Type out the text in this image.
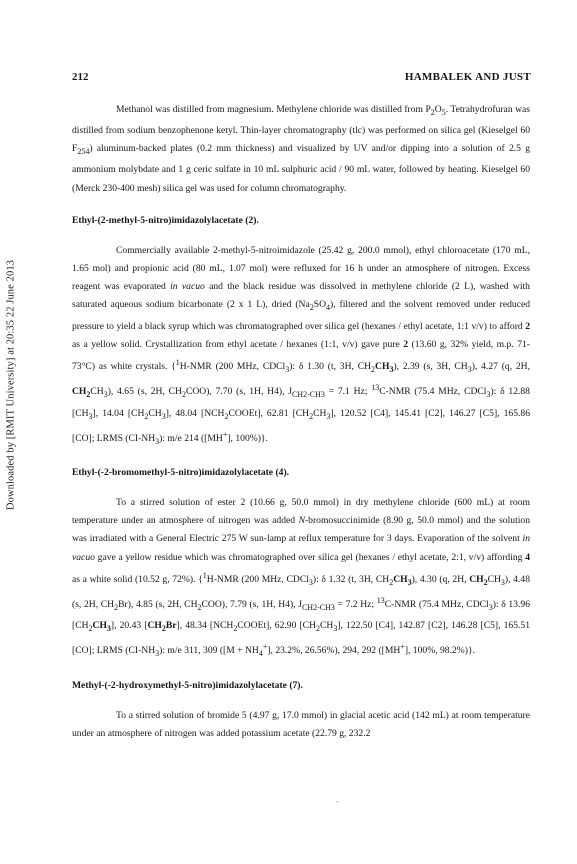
Downloaded by [RMIT University] at 20:35 22 June 2013
212	HAMBALEK AND JUST

Methanol was distilled from magnesium. Methylene chloride was distilled from $P_2O_5$. Tetrahydrofuran was distilled from sodium benzophenone ketyl. Thin-layer chromatography (tlc) was performed on silica gel (Kieselgel 60 $F_{254}$) aluminum-backed plates (0.2 mm thickness) and visualized by UV and/or dipping into a solution of 2.5 g ammonium molybdate and 1 g ceric sulfate in 10 mL sulphuric acid / 90 mL water, followed by heating. Kieselgel 60 (Merck 230-400 mesh) silica gel was used for column chromatography.

Ethyl-(2-methyl-5-nitro)imidazolylacetate (2).

Commercially available 2-methyl-5-nitroimidazole (25.42 g, 200.0 mmol), ethyl chloroacetate (170 mL, 1.65 mol) and propionic acid (80 mL, 1.07 mol) were refluxed for 16 h under an atmosphere of nitrogen. Excess reagent was evaporated in vacuo and the black residue was dissolved in methylene chloride (2 L), washed with saturated aqueous sodium bicarbonate (2 x 1 L), dried $(Na_2SO_4)$, filtered and the solvent removed under reduced pressure to yield a black syrup which was chromatographed over silica gel (hexanes / ethyl acetate, 1:1 v/v) to afford 2 as a yellow solid. Crystallization from ethyl acetate / hexanes (1:1, v/v) gave pure 2 (13.60 g, 32% yield, m.p. 71-73°C) as white crystals. {$^1$H-NMR (200 MHz, CDCl$_3$): δ 1.30 (t, 3H, $CH_2CH_3$), 2.39 (s, 3H, $CH_3$), 4.27 (q, 2H, $CH_2CH_3$), 4.65 (s, 2H, $CH_2COO$), 7.70 (s, 1H, H4), $J_{CH2-CH3} = 7.1$ Hz; $^{13}$C-NMR (75.4 MHz, CDCl$_3$): δ 12.88 $[CH_3]$, 14.04 $[CH_2CH_3]$, 48.04 $[NCH_2COOEt]$, 62.81 $[CH_2CH_3]$, 120.52 [C4], 145.41 [C2], 146.27 [C5], 165.86 [CO]; LRMS $(CI-NH_3)$: m/e 214 ([MH+], 100%)}.

Ethyl-(-2-bromomethyl-5-nitro)imidazolylacetate (4).

To a stirred solution of ester 2 (10.66 g, 50.0 mmol) in dry methylene chloride (600 mL) at room temperature under an atmosphere of nitrogen was added N-bromosuccinimide (8.90 g, 50.0 mmol) and the solution was irradiated with a General Electric 275 W sun-lamp at reflux temperature for 3 days. Evaporation of the solvent in vacuo gave a yellow residue which was chromatographed over silica gel (hexanes / ethyl acetate, 2:1, v/v) affording 4 as a white solid (10.52 g, 72%). {$^1$H-NMR (200 MHz, CDCl$_3$): δ 1.32 (t, 3H, $CH_2CH_3$), 4.30 (q, 2H, $CH_2CH_3$), 4.48 (s, 2H, $CH_2Br$), 4.85 (s, 2H, $CH_2COO$), 7.79 (s, 1H, H4), $J_{CH2-CH3} = 7.2$ Hz; $^{13}$C-NMR (75.4 MHz, CDCl$_3$): δ 13.96 $[CH_2CH_3]$, 20.43 $[CH_2Br]$, 48.34 $[NCH_2COOEt]$, 62.90 $[CH_2CH_3]$, 122.50 [C4], 142.87 [C2], 146.28 [C5], 165.51 [CO]; LRMS $(CI-NH_3)$: m/e 311, 309 ($[M + NH_4^+]$, 23.2%, 26.56%), 294, 292 ([MH+], 100%, 98.2%)}.

Methyl-(-2-hydroxymethyl-5-nitro)imidazolylacetate (7).

To a stirred solution of bromide 5 (4.97 g, 17.0 mmol) in glacial acetic acid (142 mL) at room temperature under an atmosphere of nitrogen was added potassium acetate (22.79 g, 232.2

-
